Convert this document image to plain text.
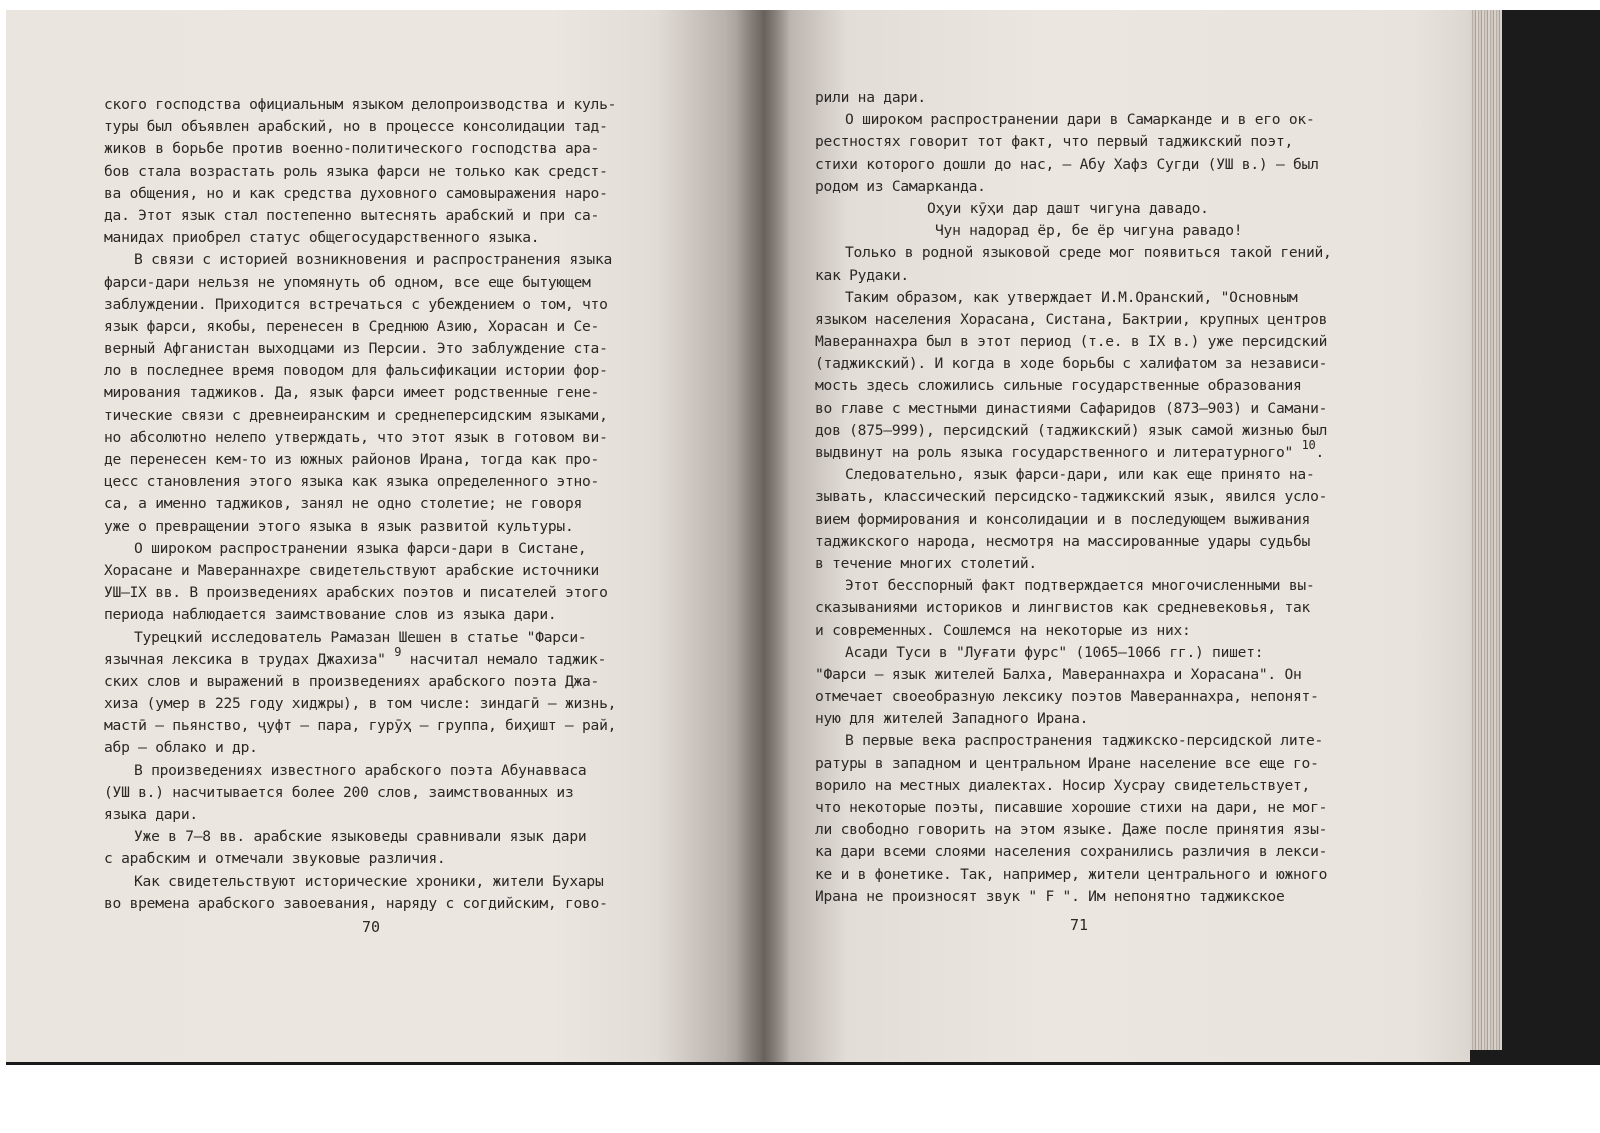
ского господства официальным языком делопроизводства и куль-
туры был объявлен арабский, но в процессе консолидации тад-
жиков в борьбе против военно-политического господства ара-
бов стала возрастать роль языка фарси не только как средст-
ва общения, но и как средства духовного самовыражения наро-
да. Этот язык стал постепенно вытеснять арабский и при са-
манидах приобрел статус общегосударственного языка.
В связи с историей возникновения и распространения языка
фарси-дари нельзя не упомянуть об одном, все еще бытующем
заблуждении. Приходится встречаться с убеждением о том, что
язык фарси, якобы, перенесен в Среднюю Азию, Хорасан и Се-
верный Афганистан выходцами из Персии. Это заблуждение ста-
ло в последнее время поводом для фальсификации истории фор-
мирования таджиков. Да, язык фарси имеет родственные гене-
тические связи с древнеиранским и среднеперсидским языками,
но абсолютно нелепо утверждать, что этот язык в готовом ви-
де перенесен кем-то из южных районов Ирана, тогда как про-
цесс становления этого языка как языка определенного этно-
са, а именно таджиков, занял не одно столетие; не говоря
уже о превращении этого языка в язык развитой культуры.
О широком распространении языка фарси-дари в Систане,
Хорасане и Мавераннахре свидетельствуют арабские источники
УШ–IX вв. В произведениях арабских поэтов и писателей этого
периода наблюдается заимствование слов из языка дари.
Турецкий исследователь Рамазан Шешен в статье "Фарси-
язычная лексика в трудах Джахиза" $^9$ насчитал немало таджик-
ских слов и выражений в произведениях арабского поэта Джа-
хиза (умер в 225 году хиджры), в том числе: зиндагӣ – жизнь,
мастӣ – пьянство, ҷуфт – пара, гурӯҳ – группа, биҳишт – рай,
абр – облако и др.
В произведениях известного арабского поэта Абунавваса
(УШ в.) насчитывается более 200 слов, заимствованных из
языка дари.
Уже в 7–8 вв. арабские языковеды сравнивали язык дари
с арабским и отмечали звуковые различия.
Как свидетельствуют исторические хроники, жители Бухары
во времена арабского завоевания, наряду с согдийским, гово-
70
рили на дари.
О широком распространении дари в Самарканде и в его ок-
рестностях говорит тот факт, что первый таджикский поэт,
стихи которого дошли до нас, – Абу Хафз Сугди (УШ в.) – был
родом из Самарканда.
Оҳуи кӯҳи дар дашт чигуна давадо.
Чун надорад ёр, бе ёр чигуна равадо!
Только в родной языковой среде мог появиться такой гений,
как Рудаки.
Таким образом, как утверждает И.М.Оранский, "Основным
языком населения Хорасана, Систана, Бактрии, крупных центров
Мавераннахра был в этот период (т.е. в IX в.) уже персидский
(таджикский). И когда в ходе борьбы с халифатом за независи-
мость здесь сложились сильные государственные образования
во главе с местными династиями Сафаридов (873–903) и Самани-
дов (875–999), персидский (таджикский) язык самой жизнью был
выдвинут на роль языка государственного и литературного" $^{10}$.
Следовательно, язык фарси-дари, или как еще принято на-
зывать, классический персидско-таджикский язык, явился усло-
вием формирования и консолидации и в последующем выживания
таджикского народа, несмотря на массированные удары судьбы
в течение многих столетий.
Этот бесспорный факт подтверждается многочисленными вы-
сказываниями историков и лингвистов как средневековья, так
и современных. Сошлемся на некоторые из них:
Асади Туси в "Луғати фурс" (1065–1066 гг.) пишет:
"Фарси – язык жителей Балха, Мавераннахра и Хорасана". Он
отмечает своеобразную лексику поэтов Мавераннахра, непонят-
ную для жителей Западного Ирана.
В первые века распространения таджикско-персидской лите-
ратуры в западном и центральном Иране население все еще го-
ворило на местных диалектах. Носир Хусрау свидетельствует,
что некоторые поэты, писавшие хорошие стихи на дари, не мог-
ли свободно говорить на этом языке. Даже после принятия язы-
ка дари всеми слоями населения сохранились различия в лекси-
ке и в фонетике. Так, например, жители центрального и южного
Ирана не произносят звук " F ". Им непонятно таджикское
71
